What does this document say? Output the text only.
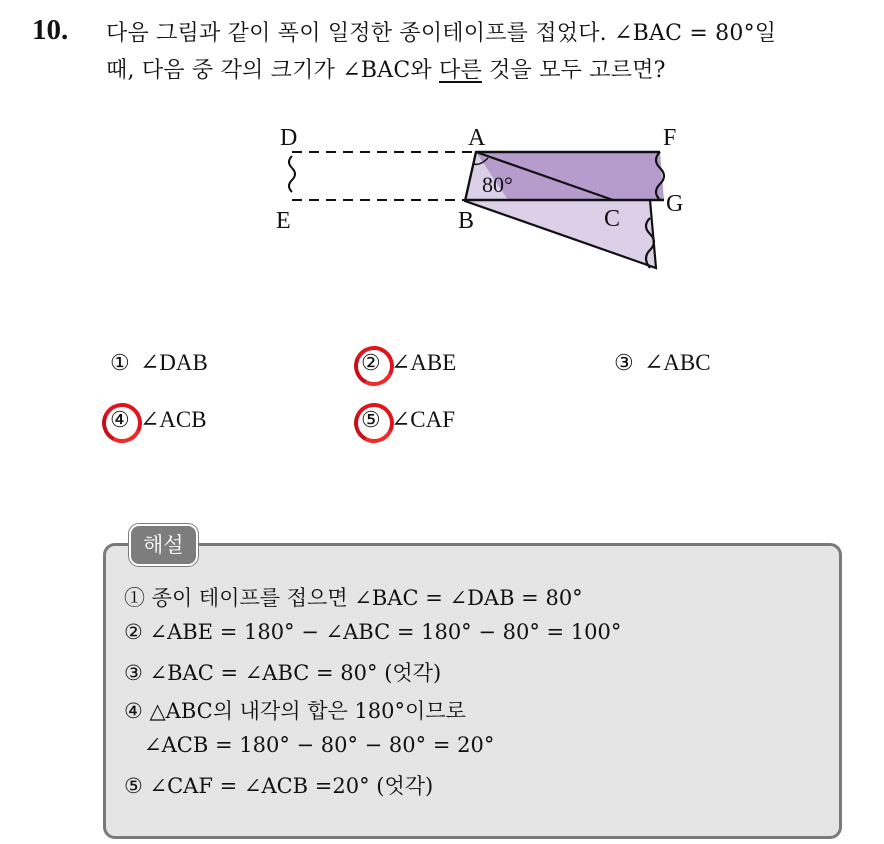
10. 다음 그림과 같이 폭이 일정한 종이테이프를 접었다. ∠BAC = 80°일
때, 다음 중 각의 크기가 ∠BAC와 다른 것을 모두 고르면?
80°
D	A	F
E	B	C
G
① ∠DAB	② ∠ABE	③ ∠ABC
④ ∠ACB	⑤ ∠CAF
해설
① 종이 테이프를 접으면 ∠BAC = ∠DAB = 80°
② ∠ABE = 180° − ∠ABC = 180° − 80° = 100°
③ ∠BAC = ∠ABC = 80° (엇각)
④ △ABC의 내각의 합은 180°이므로
∠ACB = 180° − 80° − 80° = 20°
⑤ ∠CAF = ∠ACB =20° (엇각)
